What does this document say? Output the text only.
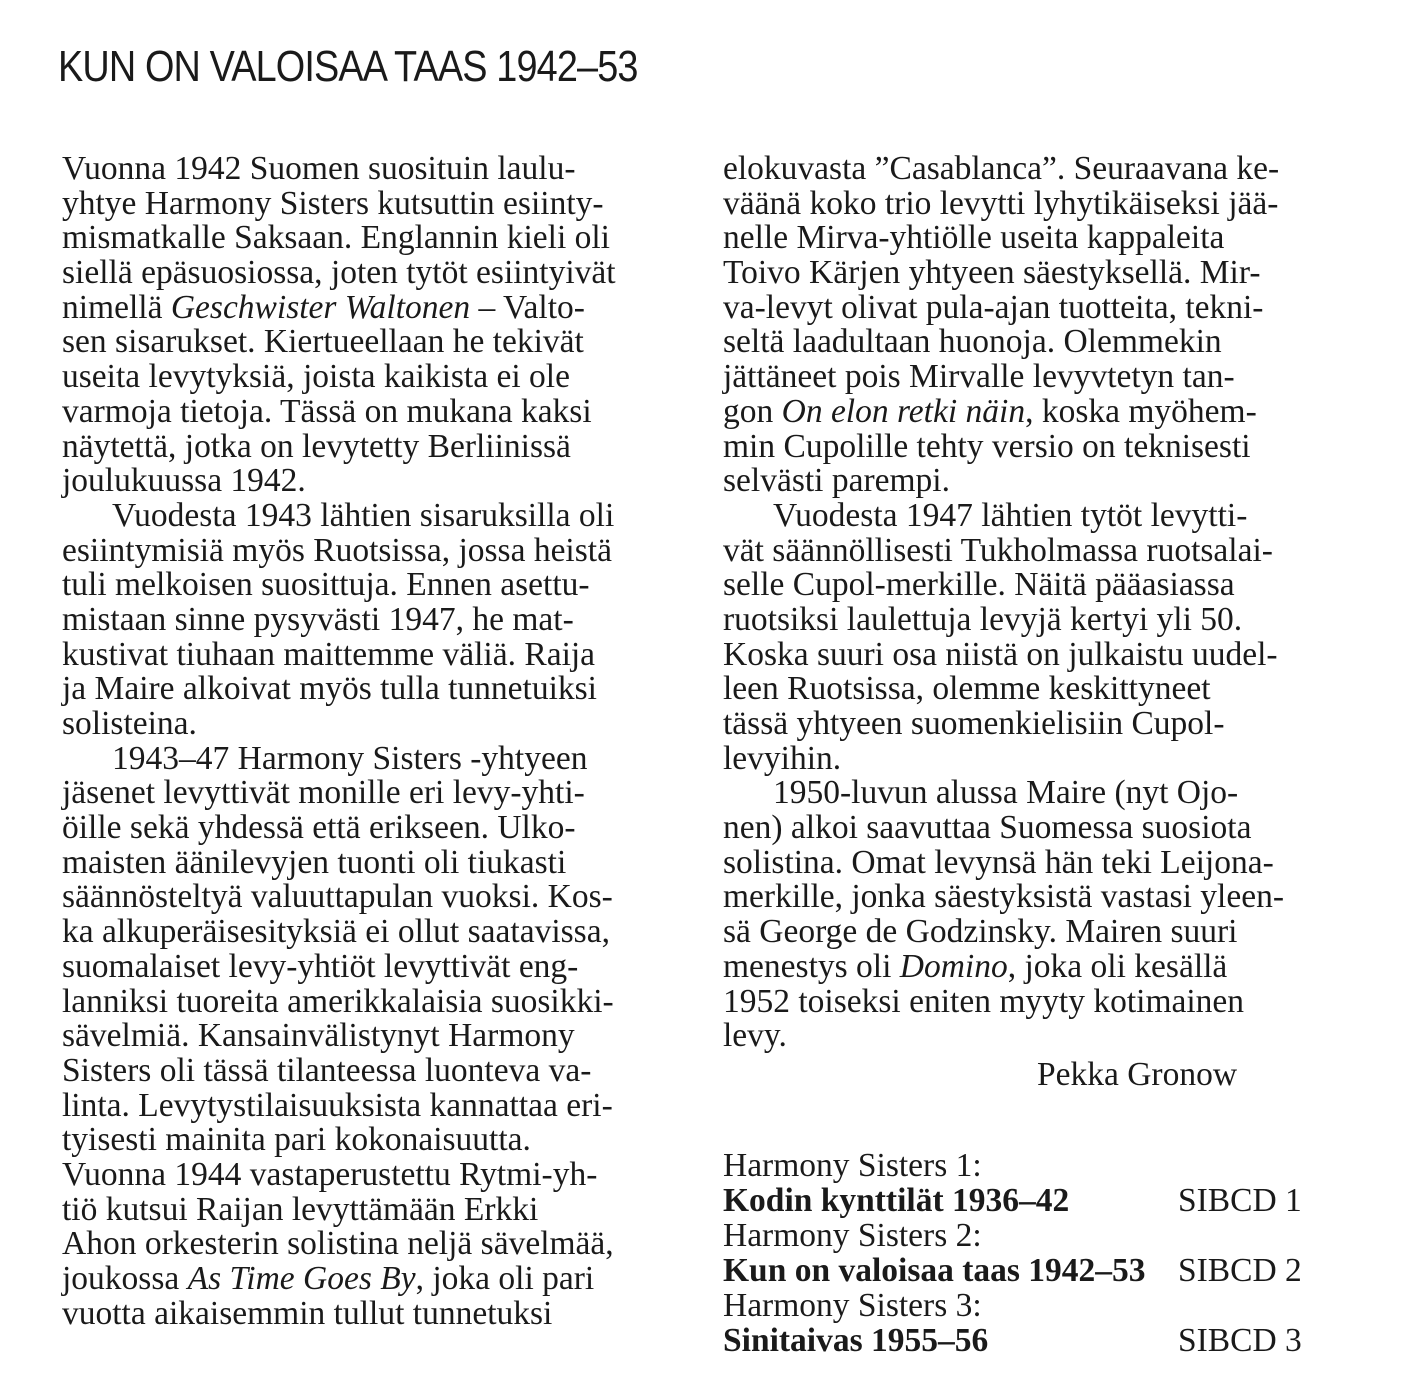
KUN ON VALOISAA TAAS 1942–53
Vuonna 1942 Suomen suosituin laulu-
yhtye Harmony Sisters kutsuttin esiinty-
mismatkalle Saksaan. Englannin kieli oli
siellä epäsuosiossa, joten tytöt esiintyivät
nimellä Geschwister Waltonen – Valto-
sen sisarukset. Kiertueellaan he tekivät
useita levytyksiä, joista kaikista ei ole
varmoja tietoja. Tässä on mukana kaksi
näytettä, jotka on levytetty Berliinissä
joulukuussa 1942.
Vuodesta 1943 lähtien sisaruksilla oli
esiintymisiä myös Ruotsissa, jossa heistä
tuli melkoisen suosittuja. Ennen asettu-
mistaan sinne pysyvästi 1947, he mat-
kustivat tiuhaan maittemme väliä. Raija
ja Maire alkoivat myös tulla tunnetuiksi
solisteina.
1943–47 Harmony Sisters -yhtyeen
jäsenet levyttivät monille eri levy-yhti-
öille sekä yhdessä että erikseen. Ulko-
maisten äänilevyjen tuonti oli tiukasti
säännösteltyä valuuttapulan vuoksi. Kos-
ka alkuperäisesityksiä ei ollut saatavissa,
suomalaiset levy-yhtiöt levyttivät eng-
lanniksi tuoreita amerikkalaisia suosikki-
sävelmiä. Kansainvälistynyt Harmony
Sisters oli tässä tilanteessa luonteva va-
linta. Levytystilaisuuksista kannattaa eri-
tyisesti mainita pari kokonaisuutta.
Vuonna 1944 vastaperustettu Rytmi-yh-
tiö kutsui Raijan levyttämään Erkki
Ahon orkesterin solistina neljä sävelmää,
joukossa As Time Goes By, joka oli pari
vuotta aikaisemmin tullut tunnetuksi
elokuvasta ”Casablanca”. Seuraavana ke-
väänä koko trio levytti lyhytikäiseksi jää-
nelle Mirva-yhtiölle useita kappaleita
Toivo Kärjen yhtyeen säestyksellä. Mir-
va-levyt olivat pula-ajan tuotteita, tekni-
seltä laadultaan huonoja. Olemmekin
jättäneet pois Mirvalle levyvtetyn tan-
gon On elon retki näin, koska myöhem-
min Cupolille tehty versio on teknisesti
selvästi parempi.
Vuodesta 1947 lähtien tytöt levytti-
vät säännöllisesti Tukholmassa ruotsalai-
selle Cupol-merkille. Näitä pääasiassa
ruotsiksi laulettuja levyjä kertyi yli 50.
Koska suuri osa niistä on julkaistu uudel-
leen Ruotsissa, olemme keskittyneet
tässä yhtyeen suomenkielisiin Cupol-
levyihin.
1950-luvun alussa Maire (nyt Ojo-
nen) alkoi saavuttaa Suomessa suosiota
solistina. Omat levynsä hän teki Leijona-
merkille, jonka säestyksistä vastasi yleen-
sä George de Godzinsky. Mairen suuri
menestys oli Domino, joka oli kesällä
1952 toiseksi eniten myyty kotimainen
levy.
Pekka Gronow
Harmony Sisters 1:
Kodin kynttilät 1936–42	SIBCD 1
Harmony Sisters 2:
Kun on valoisaa taas 1942–53 SIBCD 2
Harmony Sisters 3:
Sinitaivas 1955–56	SIBCD 3
